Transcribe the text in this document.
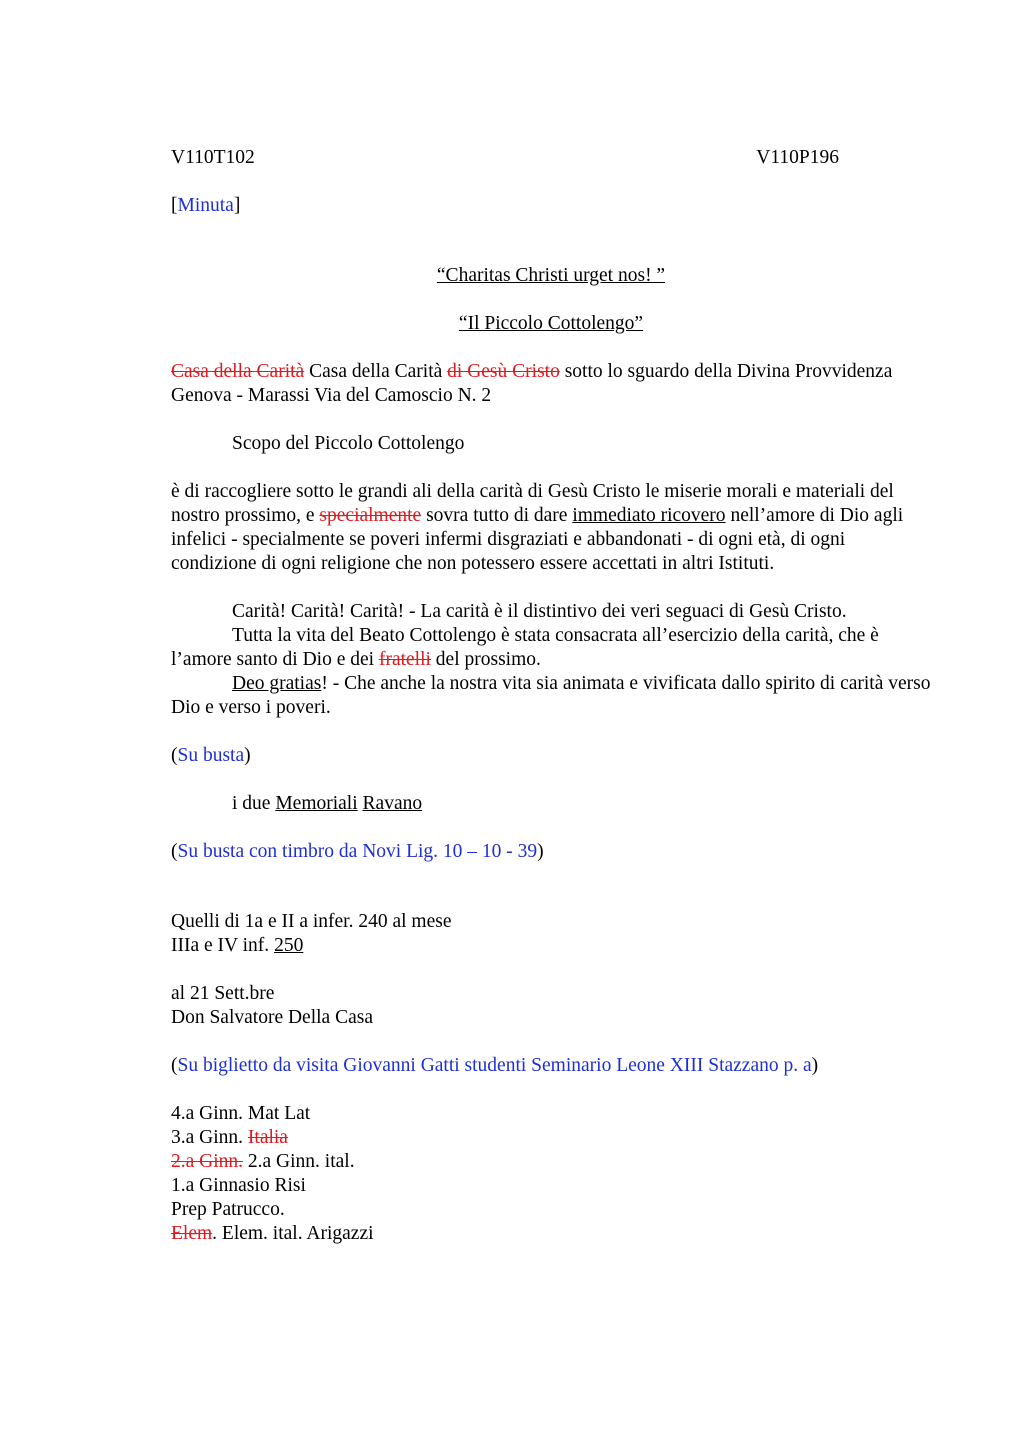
V110T102	V110P196

[Minuta]

“Charitas Christi urget nos! ”

“Il Piccolo Cottolengo”

Casa della Carità Casa della Carità di Gesù Cristo sotto lo sguardo della Divina Provvidenza

Genova - Marassi Via del Camoscio N. 2

Scopo del Piccolo Cottolengo

è di raccogliere sotto le grandi ali della carità di Gesù Cristo le miserie morali e materiali del nostro prossimo, e specialmente sovra tutto di dare immediato ricovero nell’amore di Dio agli infelici - specialmente se poveri infermi disgraziati e abbandonati - di ogni età, di ogni condizione di ogni religione che non potessero essere accettati in altri Istituti.

Carità! Carità! Carità! - La carità è il distintivo dei veri seguaci di Gesù Cristo.

Tutta la vita del Beato Cottolengo è stata consacrata all’esercizio della carità, che è l’amore santo di Dio e dei fratelli del prossimo.

Deo gratias! - Che anche la nostra vita sia animata e vivificata dallo spirito di carità verso Dio e verso i poveri.

(Su busta)

i due Memoriali Ravano

(Su busta con timbro da Novi Lig. 10 – 10 - 39)

Quelli di 1a e II a infer. 240 al mese

IIIa e IV inf. 250

al 21 Sett.bre

Don Salvatore Della Casa

(Su biglietto da visita Giovanni Gatti studenti Seminario Leone XIII Stazzano p. a)

4.a Ginn. Mat Lat

3.a Ginn. Italia

2.a Ginn. 2.a Ginn. ital.

1.a Ginnasio Risi

Prep Patrucco.

Elem. Elem. ital. Arigazzi
